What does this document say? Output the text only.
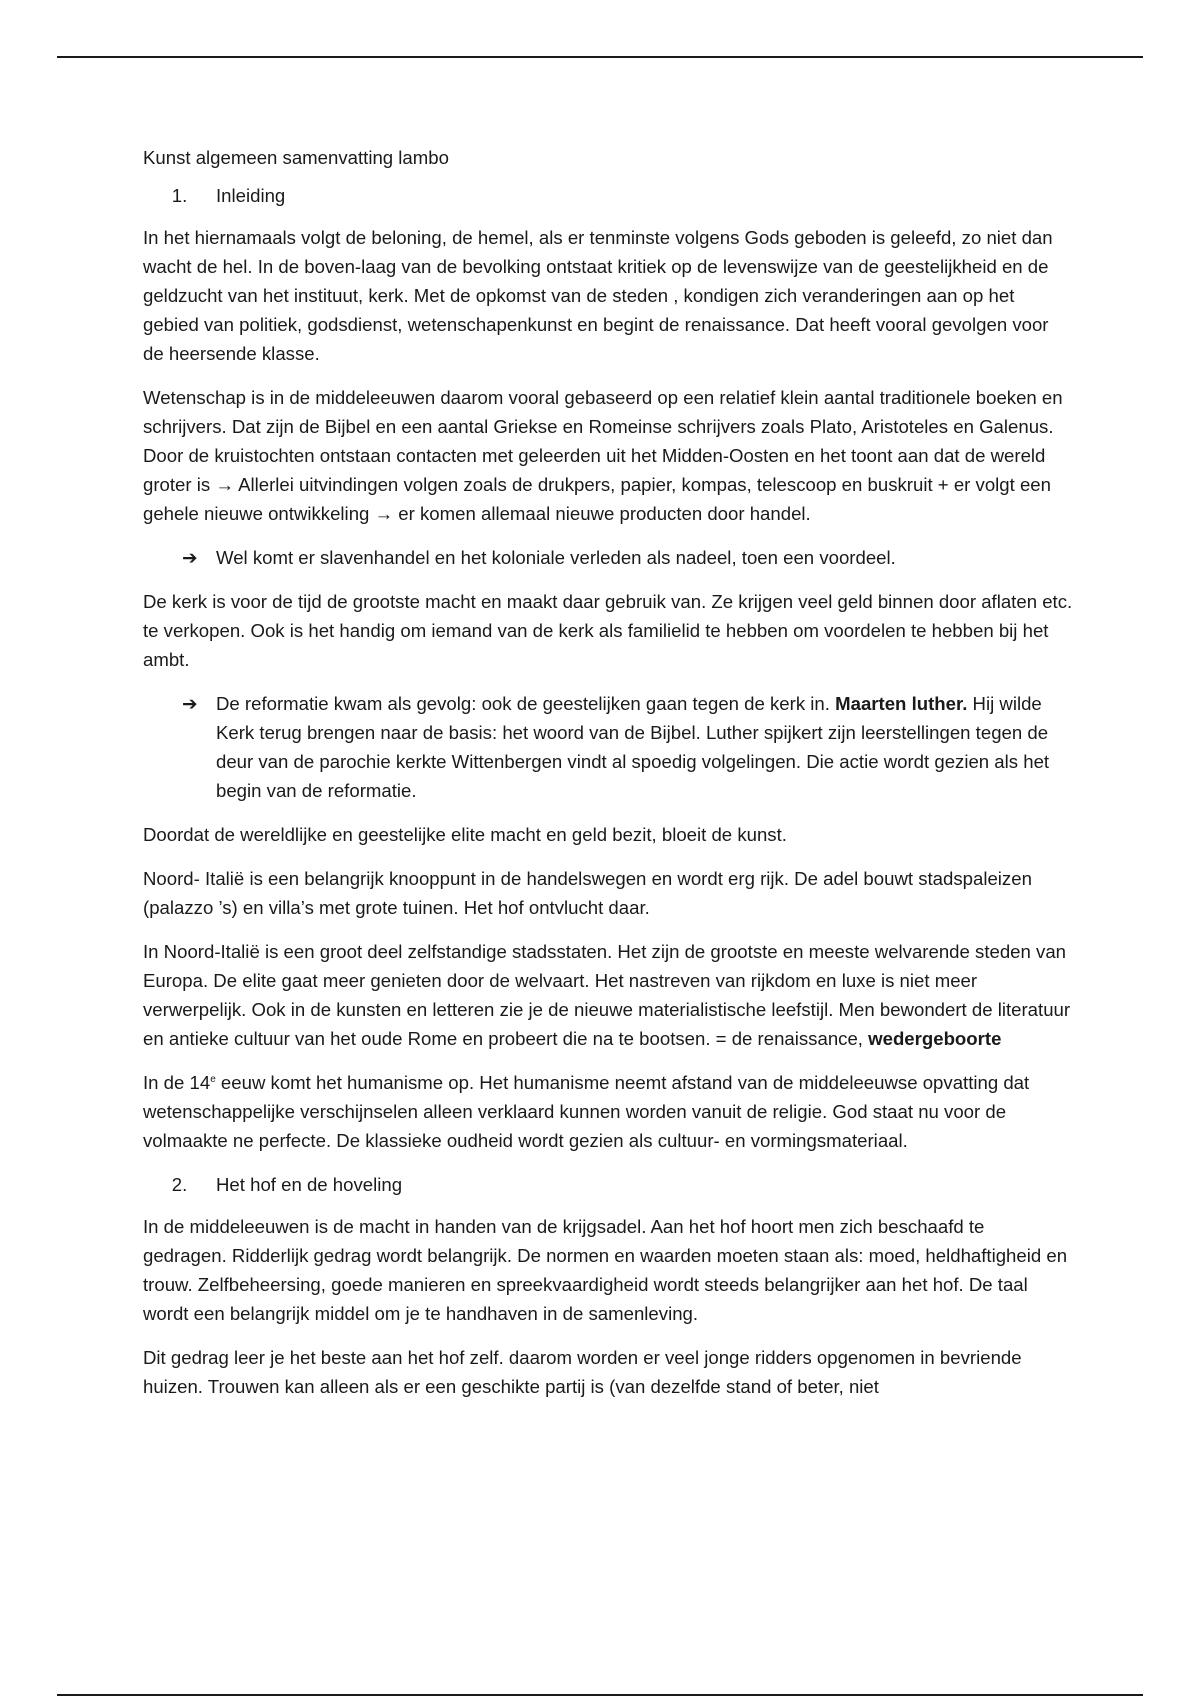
Kunst algemeen samenvatting lambo
1.	Inleiding

In het hiernamaals volgt de beloning, de hemel, als er tenminste volgens Gods geboden is geleefd, zo niet dan wacht de hel. In de boven-laag van de bevolking ontstaat kritiek op de levenswijze van de geestelijkheid en de geldzucht van het instituut, kerk. Met de opkomst van de steden , kondigen zich veranderingen aan op het gebied van politiek, godsdienst, wetenschapenkunst en begint de renaissance. Dat heeft vooral gevolgen voor de heersende klasse.

Wetenschap is in de middeleeuwen daarom vooral gebaseerd op een relatief klein aantal traditionele boeken en schrijvers. Dat zijn de Bijbel en een aantal Griekse en Romeinse schrijvers zoals Plato, Aristoteles en Galenus. Door de kruistochten ontstaan contacten met geleerden uit het Midden-Oosten en het toont aan dat de wereld groter is → Allerlei uitvindingen volgen zoals de drukpers, papier, kompas, telescoop en buskruit + er volgt een gehele nieuwe ontwikkeling → er komen allemaal nieuwe producten door handel.

➔ Wel komt er slavenhandel en het koloniale verleden als nadeel, toen een voordeel.

De kerk is voor de tijd de grootste macht en maakt daar gebruik van. Ze krijgen veel geld binnen door aflaten etc. te verkopen. Ook is het handig om iemand van de kerk als familielid te hebben om voordelen te hebben bij het ambt.

➔ De reformatie kwam als gevolg: ook de geestelijken gaan tegen de kerk in. Maarten luther. Hij wilde Kerk terug brengen naar de basis: het woord van de Bijbel. Luther spijkert zijn leerstellingen tegen de deur van de parochie kerkte Wittenbergen vindt al spoedig volgelingen. Die actie wordt gezien als het begin van de reformatie.

Doordat de wereldlijke en geestelijke elite macht en geld bezit, bloeit de kunst.

Noord- Italië is een belangrijk knooppunt in de handelswegen en wordt erg rijk. De adel bouwt stadspaleizen (palazzo ’s) en villa’s met grote tuinen. Het hof ontvlucht daar.

In Noord-Italië is een groot deel zelfstandige stadsstaten. Het zijn de grootste en meeste welvarende steden van Europa. De elite gaat meer genieten door de welvaart. Het nastreven van rijkdom en luxe is niet meer verwerpelijk. Ook in de kunsten en letteren zie je de nieuwe materialistische leefstijl. Men bewondert de literatuur en antieke cultuur van het oude Rome en probeert die na te bootsen. = de renaissance, wedergeboorte

In de 14e eeuw komt het humanisme op. Het humanisme neemt afstand van de middeleeuwse opvatting dat wetenschappelijke verschijnselen alleen verklaard kunnen worden vanuit de religie. God staat nu voor de volmaakte ne perfecte. De klassieke oudheid wordt gezien als cultuur- en vormingsmateriaal.

2.	Het hof en de hoveling

In de middeleeuwen is de macht in handen van de krijgsadel. Aan het hof hoort men zich beschaafd te gedragen. Ridderlijk gedrag wordt belangrijk. De normen en waarden moeten staan als: moed, heldhaftigheid en trouw. Zelfbeheersing, goede manieren en spreekvaardigheid wordt steeds belangrijker aan het hof. De taal wordt een belangrijk middel om je te handhaven in de samenleving.

Dit gedrag leer je het beste aan het hof zelf. daarom worden er veel jonge ridders opgenomen in bevriende huizen. Trouwen kan alleen als er een geschikte partij is (van dezelfde stand of beter, niet
